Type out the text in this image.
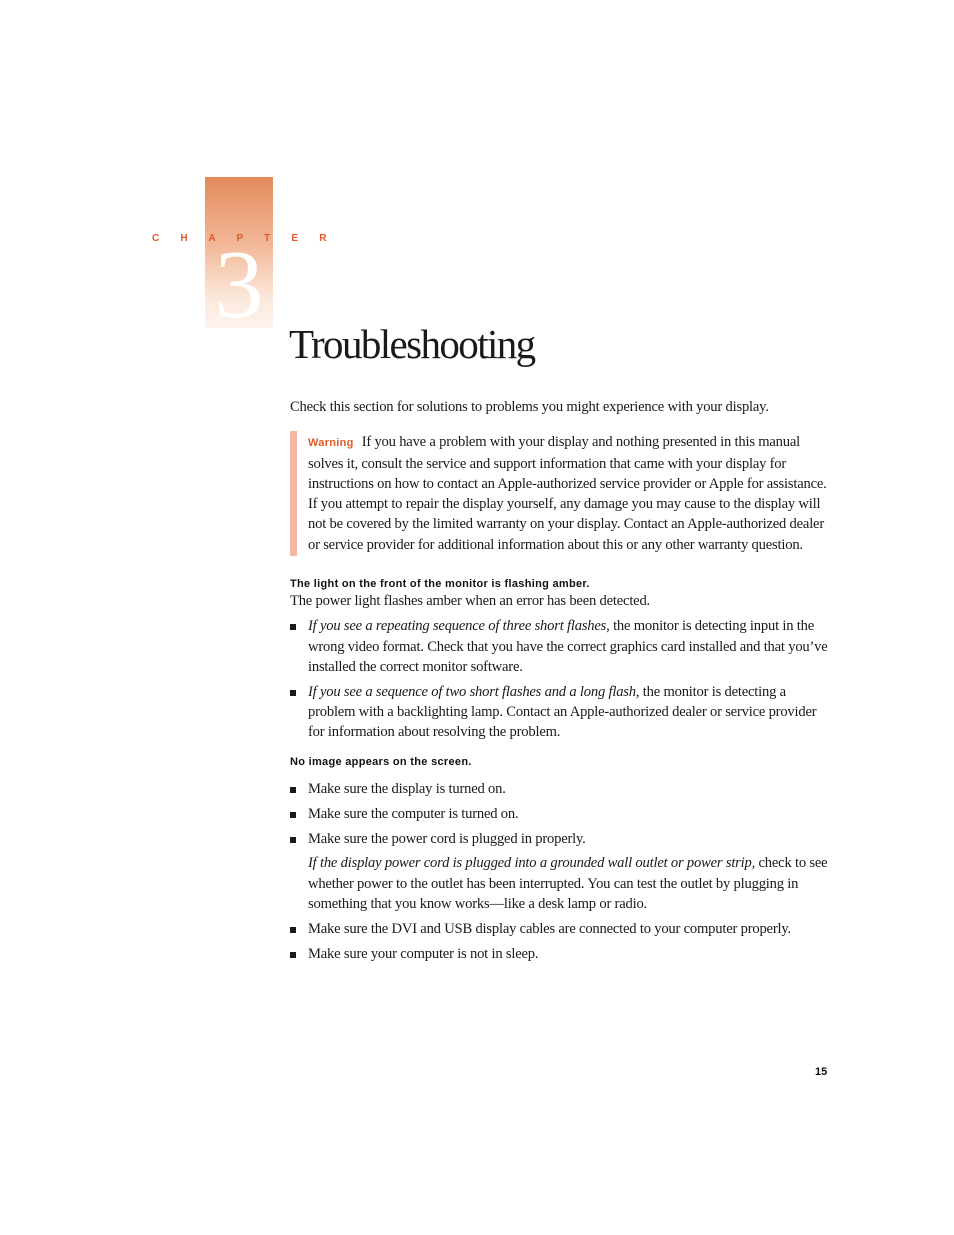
3
C H A P T E R
Troubleshooting

Check this section for solutions to problems you might experience with your display.

Warning If you have a problem with your display and nothing presented in this manual solves it, consult the service and support information that came with your display for instructions on how to contact an Apple-authorized service provider or Apple for assistance. If you attempt to repair the display yourself, any damage you may cause to the display will not be covered by the limited warranty on your display. Contact an Apple-authorized dealer or service provider for additional information about this or any other warranty question.

The light on the front of the monitor is flashing amber.

The power light flashes amber when an error has been detected.

If you see a repeating sequence of three short flashes, the monitor is detecting input in the wrong video format. Check that you have the correct graphics card installed and that you’ve installed the correct monitor software.
If you see a sequence of two short flashes and a long flash, the monitor is detecting a problem with a backlighting lamp. Contact an Apple-authorized dealer or service provider for information about resolving the problem.

No image appears on the screen.

Make sure the display is turned on.
Make sure the computer is turned on.
Make sure the power cord is plugged in properly.

If the display power cord is plugged into a grounded wall outlet or power strip, check to see whether power to the outlet has been interrupted. You can test the outlet by plugging in something that you know works—like a desk lamp or radio.

Make sure the DVI and USB display cables are connected to your computer properly.
Make sure your computer is not in sleep.
15
